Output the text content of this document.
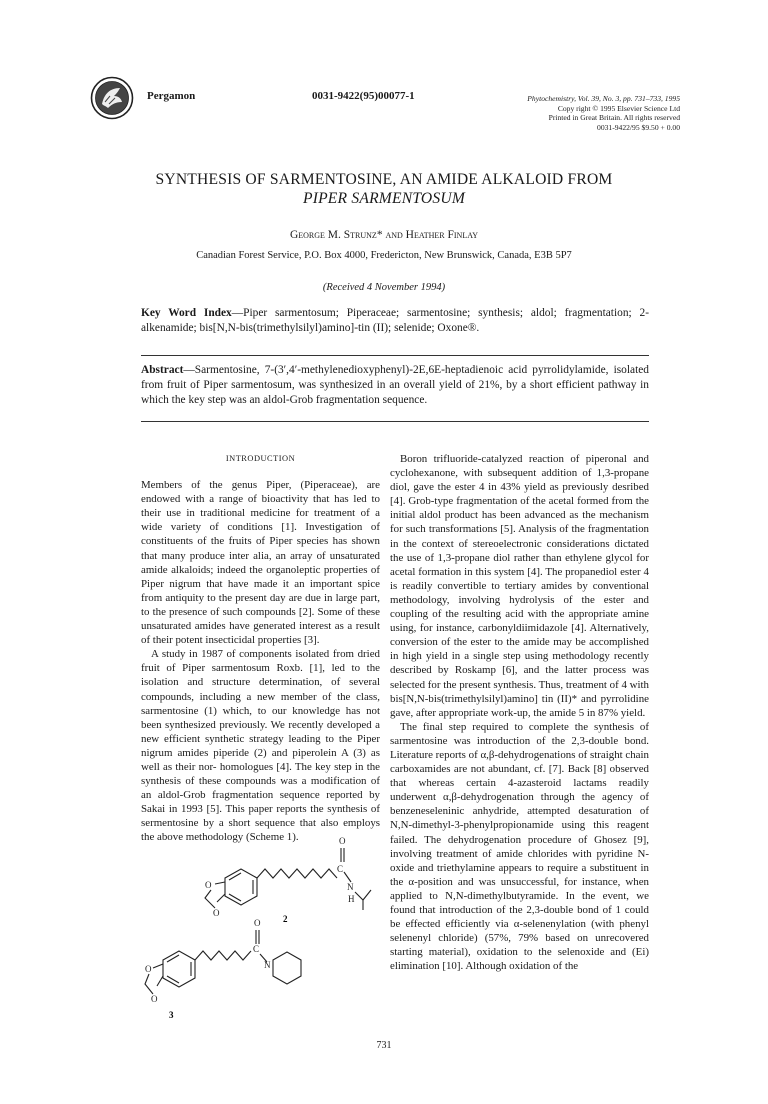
Pergamon	0031-9422(95)00077-1	Phytochemistry, Vol. 39, No. 3, pp. 731–733, 1995
Copy right © 1995 Elsevier Science Ltd
Printed in Great Britain. All rights reserved
0031-9422/95 $9.50 + 0.00
SYNTHESIS OF SARMENTOSINE, AN AMIDE ALKALOID FROM
PIPER SARMENTOSUM
George M. Strunz* and Heather Finlay
Canadian Forest Service, P.O. Box 4000, Fredericton, New Brunswick, Canada, E3B 5P7
(Received 4 November 1994)
Key Word Index—Piper sarmentosum; Piperaceae; sarmentosine; synthesis; aldol; fragmentation; 2-alkenamide; bis[N,N-bis(trimethylsilyl)amino]-tin (II); selenide; Oxone®.
Abstract—Sarmentosine, 7-(3′,4′-methylenedioxyphenyl)-2E,6E-heptadienoic acid pyrrolidylamide, isolated from fruit of Piper sarmentosum, was synthesized in an overall yield of 21%, by a short efficient pathway in which the key step was an aldol-Grob fragmentation sequence.
INTRODUCTION

Members of the genus Piper, (Piperaceae), are endowed with a range of bioactivity that has led to their use in traditional medicine for treatment of a wide variety of conditions [1]. Investigation of constituents of the fruits of Piper species has shown that many produce inter alia, an array of unsaturated amide alkaloids; indeed the organoleptic properties of Piper nigrum that have made it an important spice from antiquity to the present day are due in large part, to the presence of such compounds [2]. Some of these unsaturated amides have generated interest as a result of their potent insecticidal properties [3].

A study in 1987 of components isolated from dried fruit of Piper sarmentosum Roxb. [1], led to the isolation and structure determination, of several compounds, including a new member of the class, sarmentosine (1) which, to our knowledge has not been synthesized previously. We recently developed a new efficient synthetic strategy leading to the Piper nigrum amides piperide (2) and piperolein A (3) as well as their nor- homologues [4]. The key step in the synthesis of these compounds was a modification of an aldol-Grob fragmentation sequence reported by Sakai in 1993 [5]. This paper reports the synthesis of sermentosine by a short sequence that also employs the above methodology (Scheme 1).

Boron trifluoride-catalyzed reaction of piperonal and cyclohexanone, with subsequent addition of 1,3-propane diol, gave the ester 4 in 43% yield as previously desribed [4]. Grob-type fragmentation of the acetal formed from the initial aldol product has been advanced as the mechanism for such transformations [5]. Analysis of the fragmentation in the context of stereoelectronic considerations dictated the use of 1,3-propane diol rather than ethylene glycol for acetal formation in this system [4]. The propanediol ester 4 is readily convertible to tertiary amides by conventional methodology, involving hydrolysis of the ester and coupling of the resulting acid with the appropriate amine using, for instance, carbonyldiimidazole [4]. Alternatively, conversion of the ester to the amide may be accomplished in high yield in a single step using methodology recently described by Roskamp [6], and the latter process was selected for the present synthesis. Thus, treatment of 4 with bis[N,N-bis(trimethylsilyl)amino] tin (II)* and pyrrolidine gave, after appropriate work-up, the amide 5 in 87% yield.

The final step required to complete the synthesis of sarmentosine was introduction of the 2,3-double bond. Literature reports of α,β-dehydrogenations of straight chain carboxamides are not abundant, cf. [7]. Back [8] observed that whereas certain 4-azasteroid lactams readily underwent α,β-dehydrogenation through the agency of benzeneseleninic anhydride, attempted desaturation of N,N-dimethyl-3-phenylpropionamide using this reagent failed. The dehydrogenation procedure of Ghosez [9], involving treatment of amide chlorides with pyridine N-oxide and triethylamine appears to require a substituent in the α-position and was unsuccessful, for instance, when applied to N,N-dimethylbutyramide. In the event, we found that introduction of the 2,3-double bond of 1 could be effected efficiently via α-selenenylation (with phenyl selenenyl chloride) (57%, 79% based on unrecovered starting material), oxidation to the selenoxide and (Ei) elimination [10]. Although oxidation of the

O
C
N
H
O
O
O
C
N
O
O
2
3
731
